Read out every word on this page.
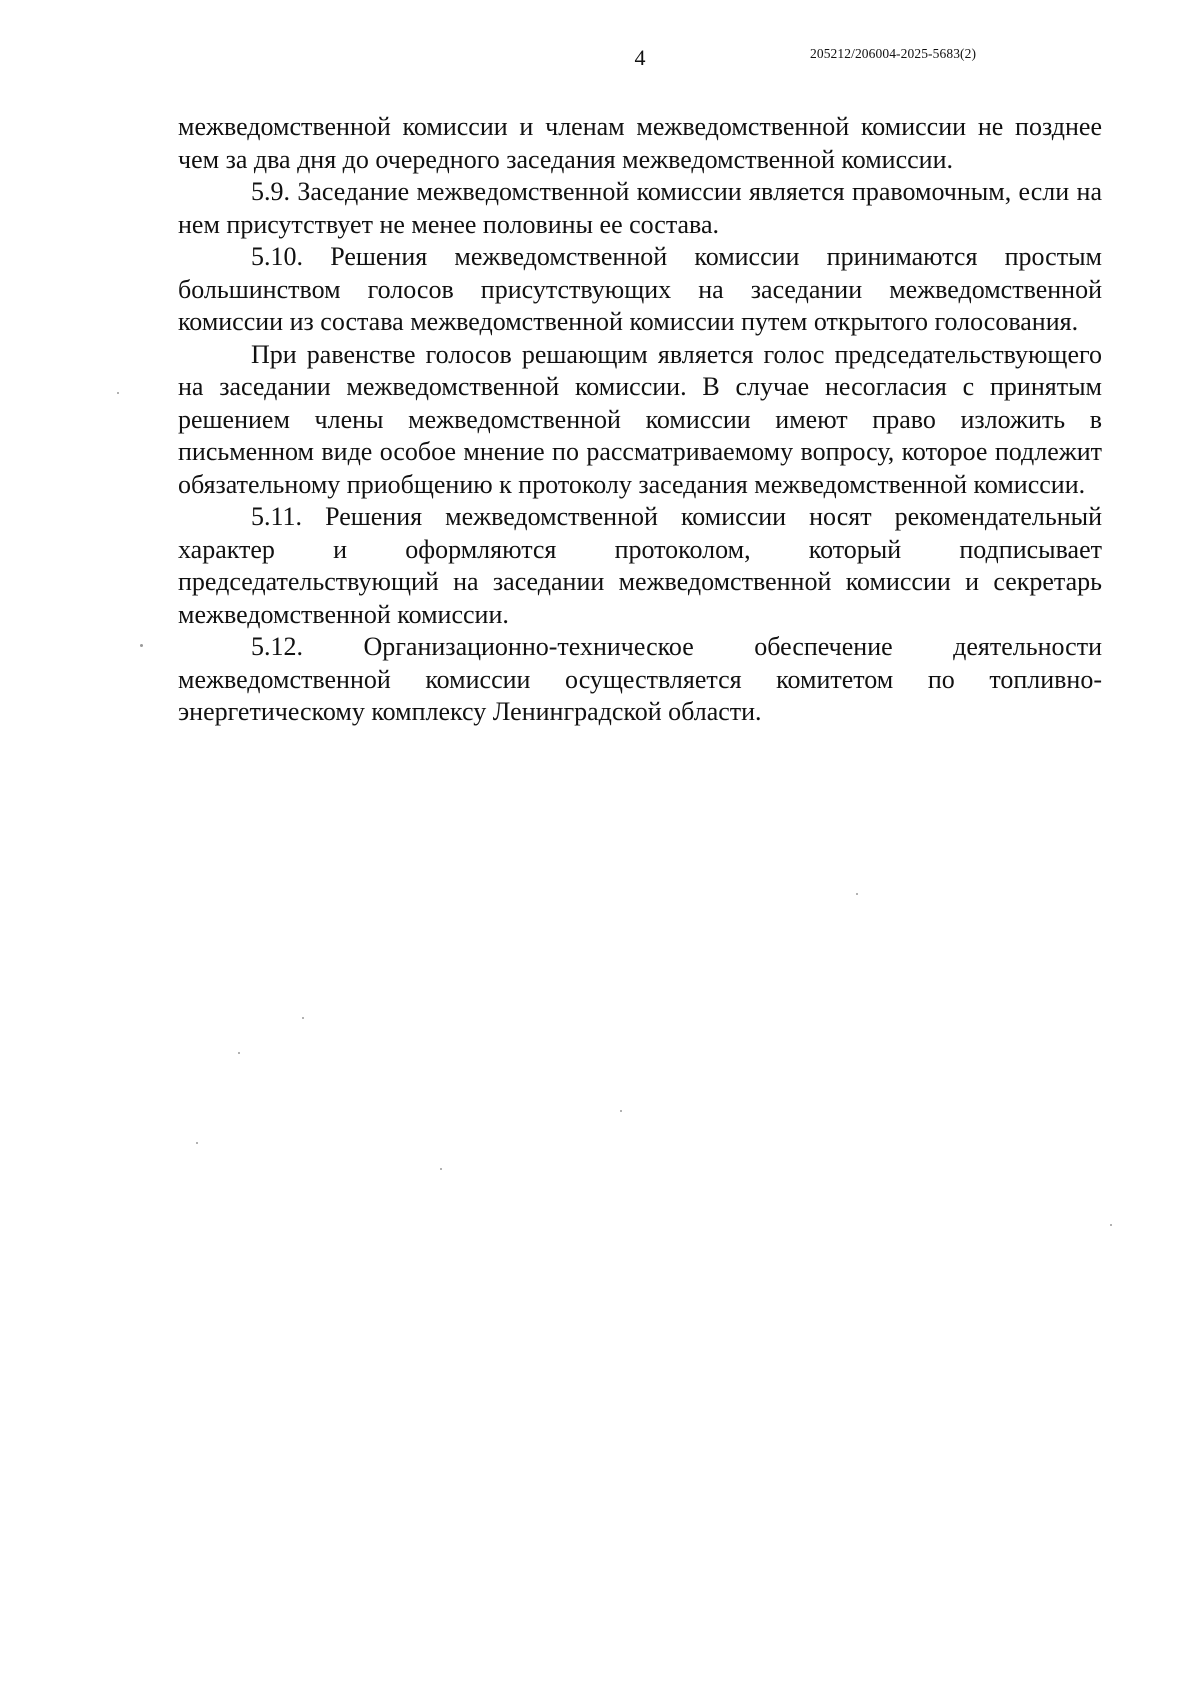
4	205212/206004-2025-5683(2)

межведомственной комиссии и членам межведомственной комиссии не позднее чем за два дня до очередного заседания межведомственной комиссии.

5.9. Заседание межведомственной комиссии является правомочным, если на нем присутствует не менее половины ее состава.

5.10. Решения межведомственной комиссии принимаются простым большинством голосов присутствующих на заседании межведомственной комиссии из состава межведомственной комиссии путем открытого голосования.

При равенстве голосов решающим является голос председательствующего на заседании межведомственной комиссии. В случае несогласия с принятым решением члены межведомственной комиссии имеют право изложить в письменном виде особое мнение по рассматриваемому вопросу, которое подлежит обязательному приобщению к протоколу заседания межведомственной комиссии.

5.11. Решения межведомственной комиссии носят рекомендательный характер и оформляются протоколом, который подписывает председательствующий на заседании межведомственной комиссии и секретарь межведомственной комиссии.

5.12. Организационно-техническое обеспечение деятельности межведомственной комиссии осуществляется комитетом по топливно-энергетическому комплексу Ленинградской области.
